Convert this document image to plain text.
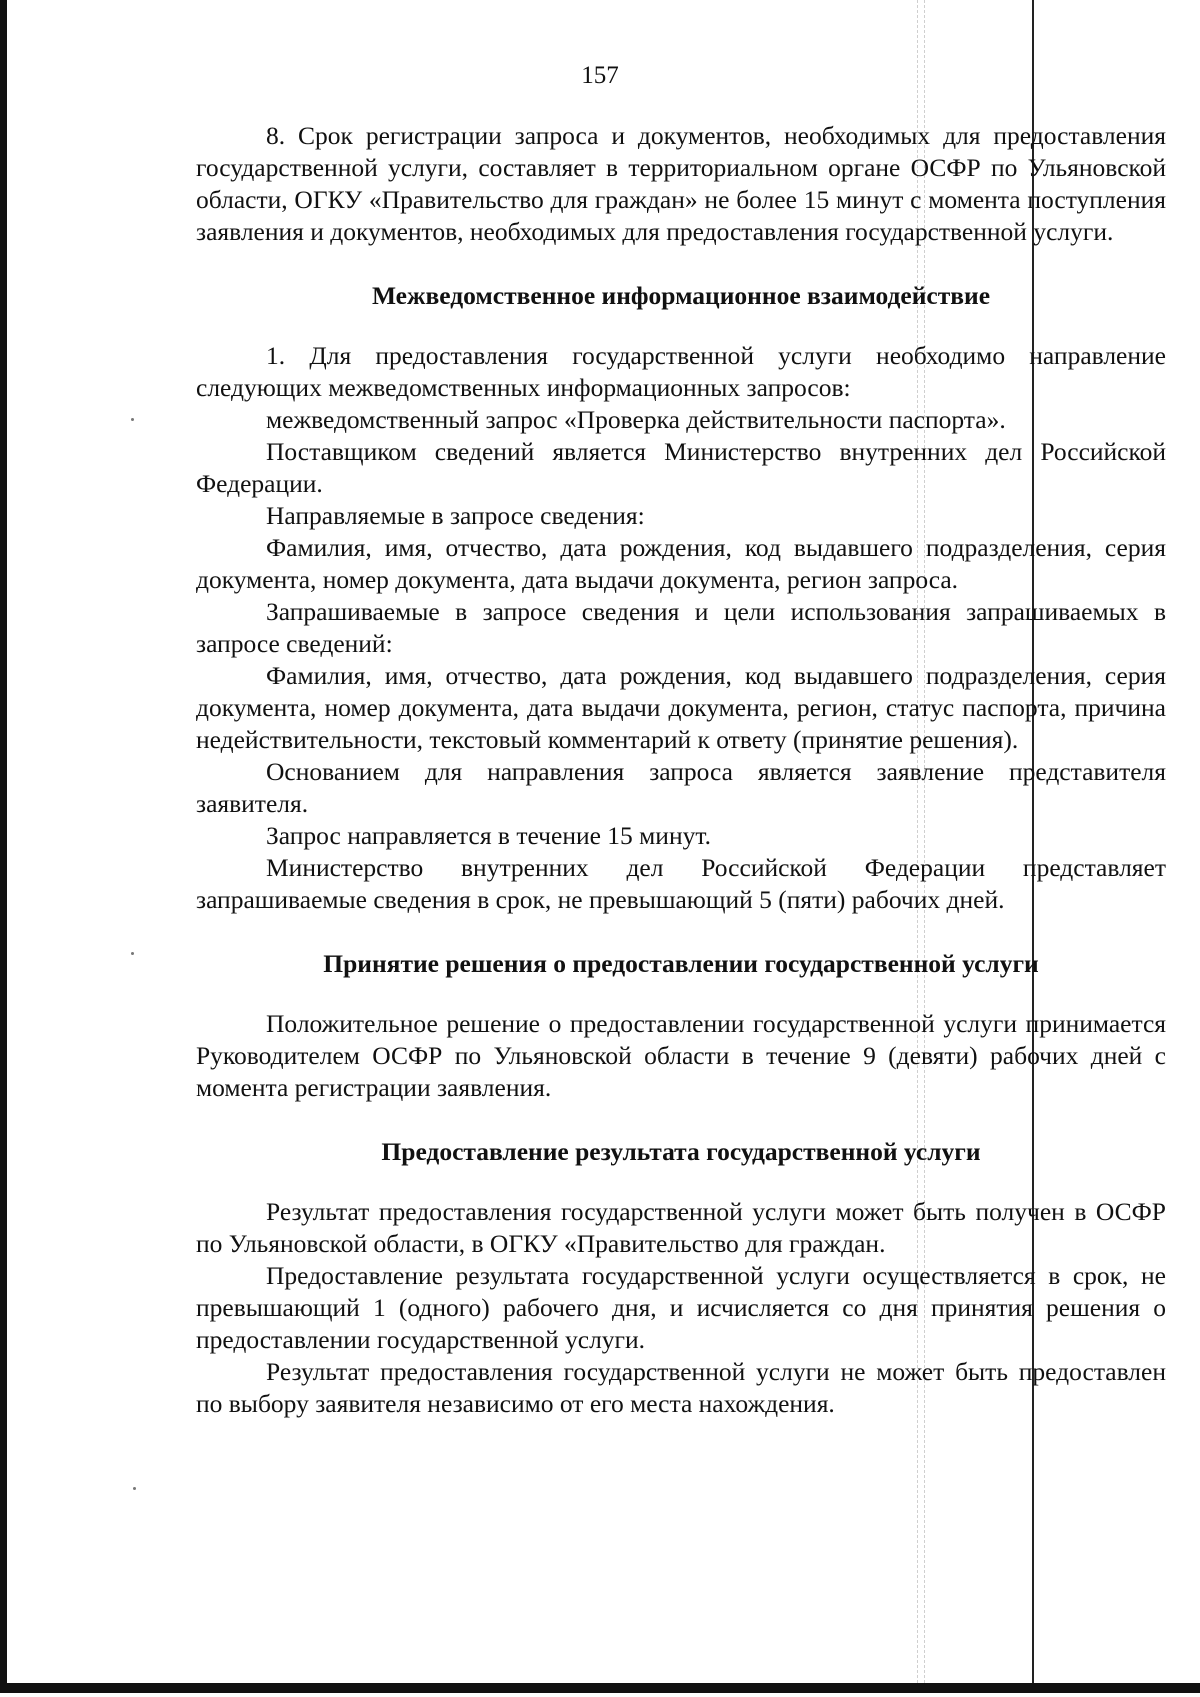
157

8. Срок регистрации запроса и документов, необходимых для предоставления государственной услуги, составляет в территориальном органе ОСФР по Ульяновской области, ОГКУ «Правительство для граждан» не более 15 минут с момента поступления заявления и документов, необходимых для предоставления государственной услуги.

Межведомственное информационное взаимодействие

1. Для предоставления государственной услуги необходимо направление следующих межведомственных информационных запросов:

межведомственный запрос «Проверка действительности паспорта».

Поставщиком сведений является Министерство внутренних дел Российской Федерации.

Направляемые в запросе сведения:

Фамилия, имя, отчество, дата рождения, код выдавшего подразделения, серия документа, номер документа, дата выдачи документа, регион запроса.

Запрашиваемые в запросе сведения и цели использования запрашиваемых в запросе сведений:

Фамилия, имя, отчество, дата рождения, код выдавшего подразделения, серия документа, номер документа, дата выдачи документа, регион, статус паспорта, причина недействительности, текстовый комментарий к ответу (принятие решения).

Основанием для направления запроса является заявление представителя заявителя.

Запрос направляется в течение 15 минут.

Министерство внутренних дел Российской Федерации представляет запрашиваемые сведения в срок, не превышающий 5 (пяти) рабочих дней.

Принятие решения о предоставлении государственной услуги

Положительное решение о предоставлении государственной услуги принимается Руководителем ОСФР по Ульяновской области в течение 9 (девяти) рабочих дней с момента регистрации заявления.

Предоставление результата государственной услуги

Результат предоставления государственной услуги может быть получен в ОСФР по Ульяновской области, в ОГКУ «Правительство для граждан.

Предоставление результата государственной услуги осуществляется в срок, не превышающий 1 (одного) рабочего дня, и исчисляется со дня принятия решения о предоставлении государственной услуги.

Результат предоставления государственной услуги не может быть предоставлен по выбору заявителя независимо от его места нахождения.
